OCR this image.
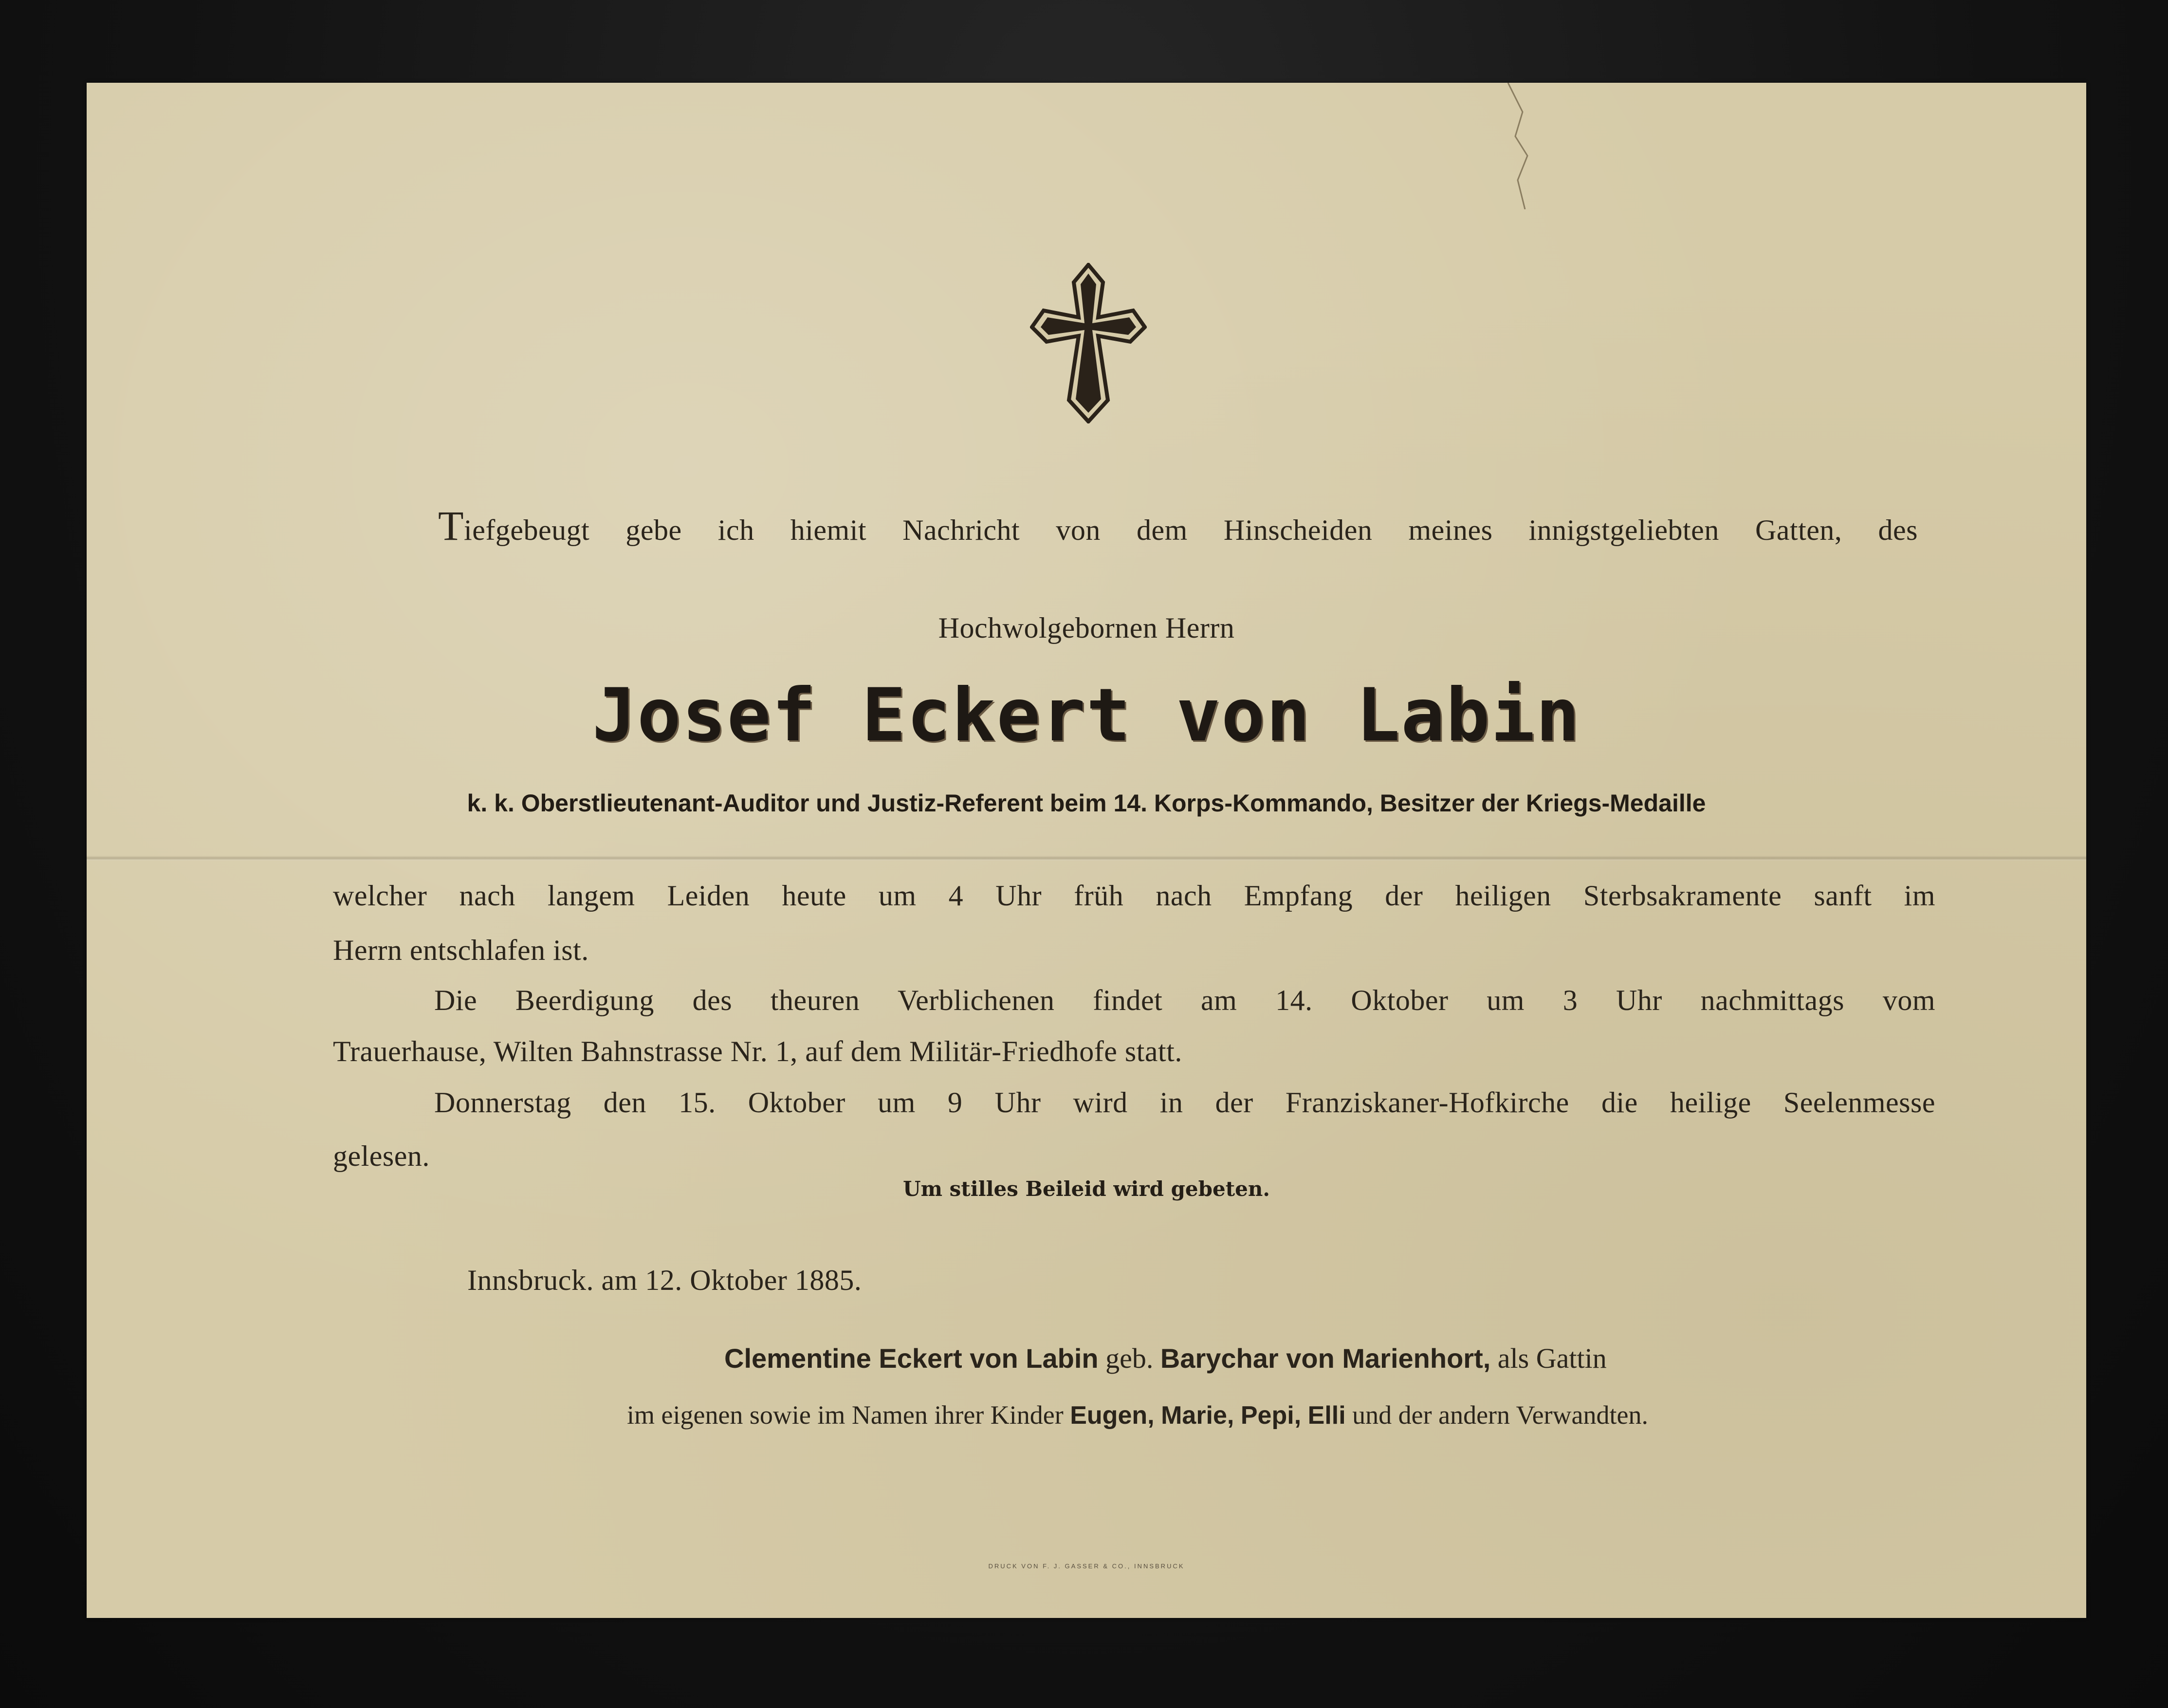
Tiefgebeugt gebe ich hiemit Nachricht von dem Hinscheiden meines innigstgeliebten Gatten, des
Hochwolgebornen Herrn
Josef Eckert von Labin
k. k. Oberstlieutenant-Auditor und Justiz-Referent beim 14. Korps-Kommando, Besitzer der Kriegs-Medaille
welcher nach langem Leiden heute um 4 Uhr früh nach Empfang der heiligen Sterbsakramente sanft im
Herrn entschlafen ist.
Die Beerdigung des theuren Verblichenen findet am 14. Oktober um 3 Uhr nachmittags vom
Trauerhause, Wilten Bahnstrasse Nr. 1, auf dem Militär-Friedhofe statt.
Donnerstag den 15. Oktober um 9 Uhr wird in der Franziskaner-Hofkirche die heilige Seelenmesse
gelesen.
Um stilles Beileid wird gebeten.
Innsbruck. am 12. Oktober 1885.
Clementine Eckert von Labin geb. Barychar von Marienhort, als Gattin
im eigenen sowie im Namen ihrer Kinder Eugen, Marie, Pepi, Elli und der andern Verwandten.
DRUCK VON F. J. GASSER & CO., INNSBRUCK
